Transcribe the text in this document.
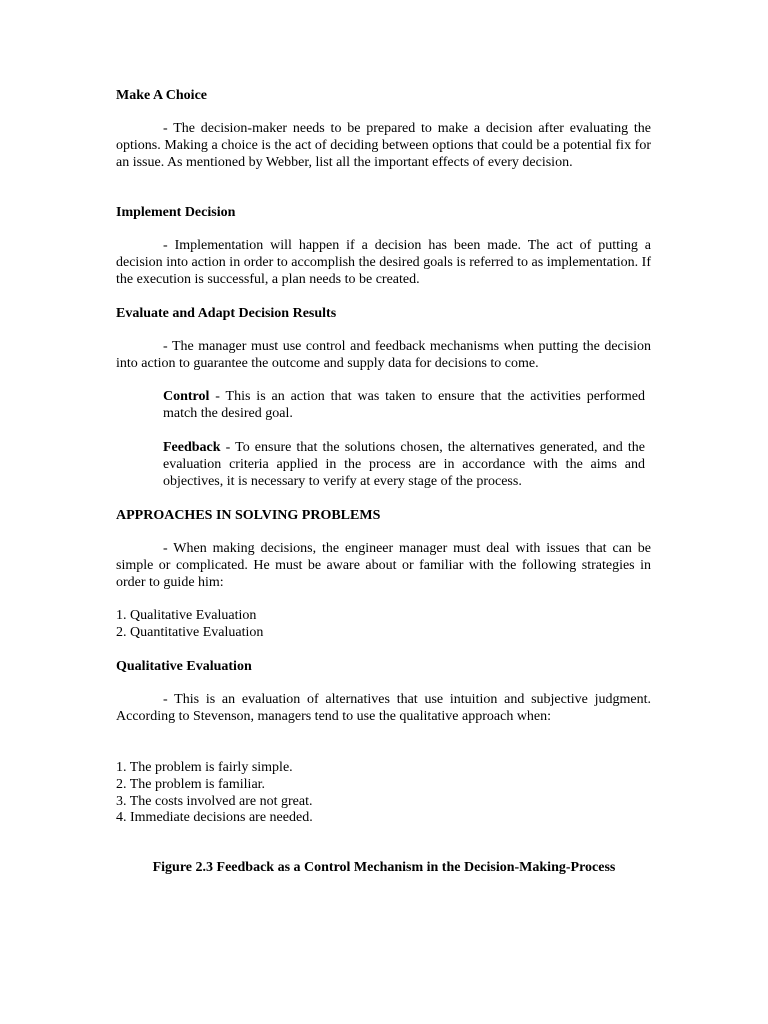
Make A Choice

- The decision-maker needs to be prepared to make a decision after evaluating the options. Making a choice is the act of deciding between options that could be a potential fix for an issue. As mentioned by Webber, list all the important effects of every decision.

Implement Decision

- Implementation will happen if a decision has been made. The act of putting a decision into action in order to accomplish the desired goals is referred to as implementation. If the execution is successful, a plan needs to be created.

Evaluate and Adapt Decision Results

- The manager must use control and feedback mechanisms when putting the decision into action to guarantee the outcome and supply data for decisions to come.

Control - This is an action that was taken to ensure that the activities performed match the desired goal.

Feedback - To ensure that the solutions chosen, the alternatives generated, and the evaluation criteria applied in the process are in accordance with the aims and objectives, it is necessary to verify at every stage of the process.

APPROACHES IN SOLVING PROBLEMS

- When making decisions, the engineer manager must deal with issues that can be simple or complicated. He must be aware about or familiar with the following strategies in order to guide him:

1. Qualitative Evaluation
2. Quantitative Evaluation
Qualitative Evaluation

- This is an evaluation of alternatives that use intuition and subjective judgment. According to Stevenson, managers tend to use the qualitative approach when:

1. The problem is fairly simple.
2. The problem is familiar.
3. The costs involved are not great.
4. Immediate decisions are needed.
Figure 2.3 Feedback as a Control Mechanism in the Decision-Making-Process
